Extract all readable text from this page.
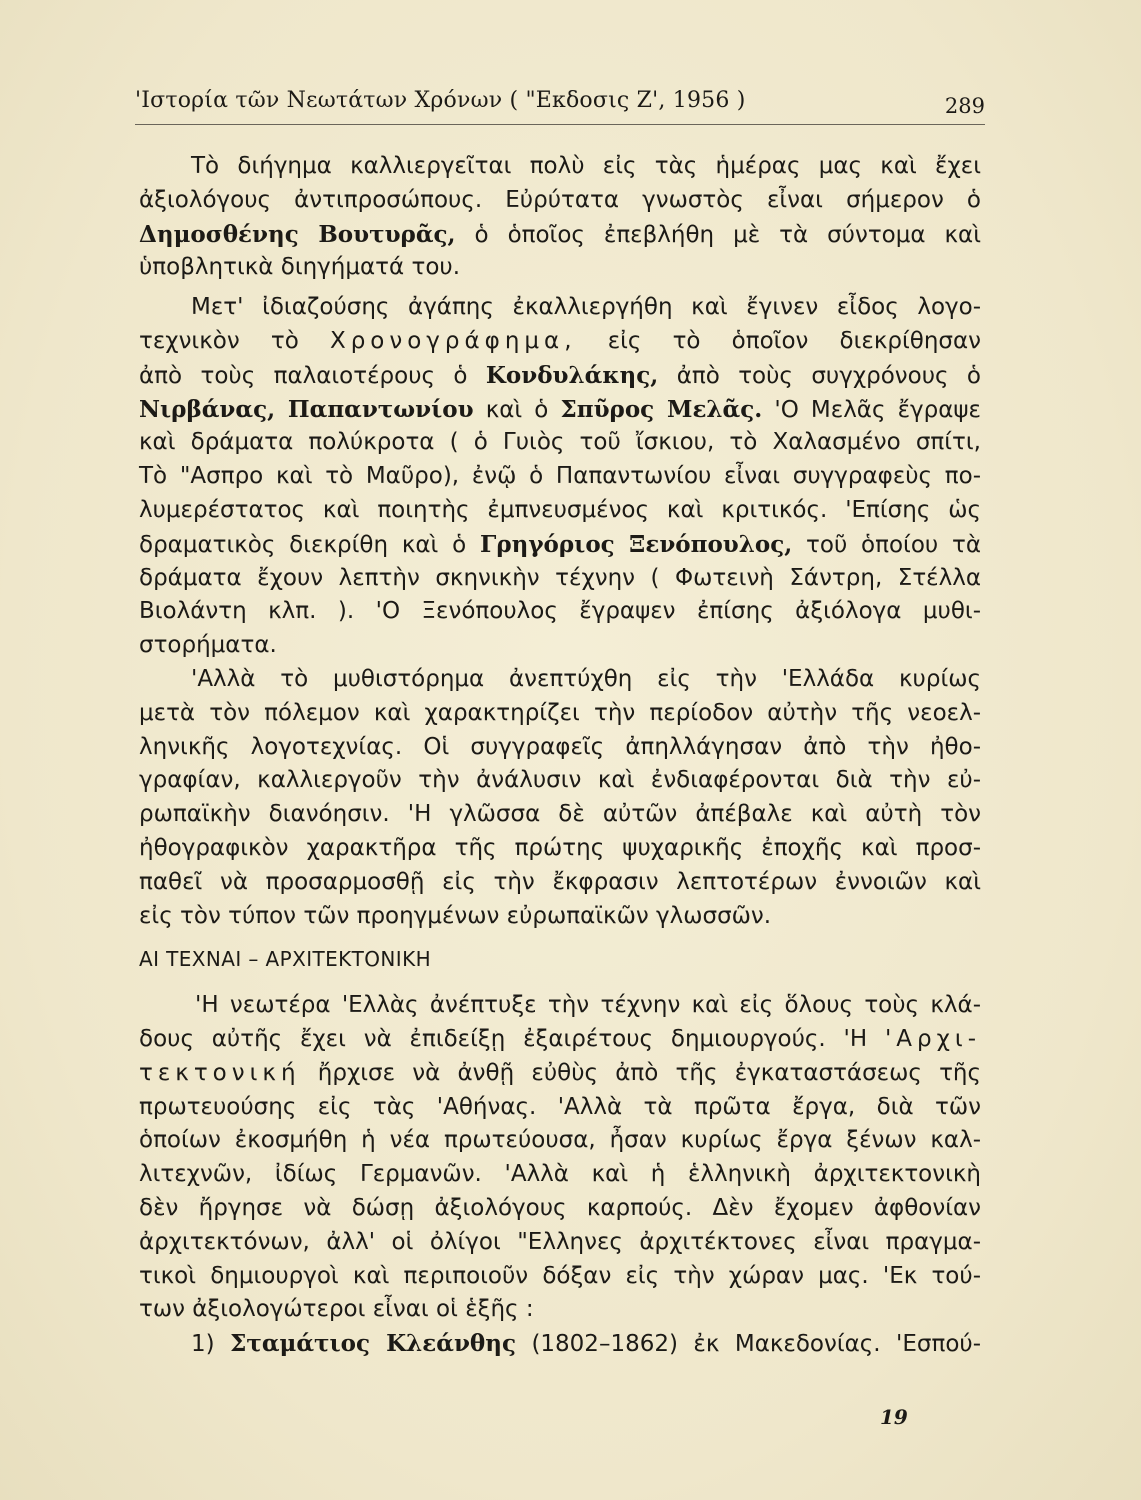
'Ιστορία τῶν Νεωτάτων Χρόνων ( "Εκδοσις Ζ', 1956 )	289
Τὸ διήγημα καλλιεργεῖται πολὺ εἰς τὰς ἡμέρας μας καὶ ἔχει
ἀξιολόγους ἀντιπροσώπους. Εὐρύτατα γνωστὸς εἶναι σήμερον ὁ
Δημοσθένης Βουτυρᾶς, ὁ ὁποῖος ἐπεβλήθη μὲ τὰ σύντομα καὶ
ὑποβλητικὰ διηγήματά του.
Μετ' ἰδιαζούσης ἀγάπης ἐκαλλιεργήθη καὶ ἔγινεν εἶδος λογο-
τεχνικὸν τὸ Χρονογράφημα, εἰς τὸ ὁποῖον διεκρίθησαν
ἀπὸ τοὺς παλαιοτέρους ὁ Κονδυλάκης, ἀπὸ τοὺς συγχρόνους ὁ
Νιρβάνας, Παπαντωνίου καὶ ὁ Σπῦρος Μελᾶς. 'Ο Μελᾶς ἔγραψε
καὶ δράματα πολύκροτα ( ὁ Γυιὸς τοῦ ἴσκιου, τὸ Χαλασμένο σπίτι,
Τὸ "Ασπρο καὶ τὸ Μαῦρο), ἐνῷ ὁ Παπαντωνίου εἶναι συγγραφεὺς πο-
λυμερέστατος καὶ ποιητὴς ἐμπνευσμένος καὶ κριτικός. 'Επίσης ὡς
δραματικὸς διεκρίθη καὶ ὁ Γρηγόριος Ξενόπουλος, τοῦ ὁποίου τὰ
δράματα ἔχουν λεπτὴν σκηνικὴν τέχνην ( Φωτεινὴ Σάντρη, Στέλλα
Βιολάντη κλπ. ). 'Ο Ξενόπουλος ἔγραψεν ἐπίσης ἀξιόλογα μυθι-
στορήματα.
'Αλλὰ τὸ μυθιστόρημα ἀνεπτύχθη εἰς τὴν 'Ελλάδα κυρίως
μετὰ τὸν πόλεμον καὶ χαρακτηρίζει τὴν περίοδον αὐτὴν τῆς νεοελ-
ληνικῆς λογοτεχνίας. Οἱ συγγραφεῖς ἀπηλλάγησαν ἀπὸ τὴν ἠθο-
γραφίαν, καλλιεργοῦν τὴν ἀνάλυσιν καὶ ἐνδιαφέρονται διὰ τὴν εὐ-
ρωπαϊκὴν διανόησιν. 'Η γλῶσσα δὲ αὐτῶν ἀπέβαλε καὶ αὐτὴ τὸν
ἠθογραφικὸν χαρακτῆρα τῆς πρώτης ψυχαρικῆς ἐποχῆς καὶ προσ-
παθεῖ νὰ προσαρμοσθῇ εἰς τὴν ἔκφρασιν λεπτοτέρων ἐννοιῶν καὶ
εἰς τὸν τύπον τῶν προηγμένων εὐρωπαϊκῶν γλωσσῶν.
ΑΙ ΤΕΧΝΑΙ – ΑΡΧΙΤΕΚΤΟΝΙΚΗ
'Η νεωτέρα 'Ελλὰς ἀνέπτυξε τὴν τέχνην καὶ εἰς ὅλους τοὺς κλά-
δους αὐτῆς ἔχει νὰ ἐπιδείξῃ ἐξαιρέτους δημιουργούς. 'Η 'Αρχι-
τεκτονική ἤρχισε νὰ ἀνθῇ εὐθὺς ἀπὸ τῆς ἐγκαταστάσεως τῆς
πρωτευούσης εἰς τὰς 'Αθήνας. 'Αλλὰ τὰ πρῶτα ἔργα, διὰ τῶν
ὁποίων ἐκοσμήθη ἡ νέα πρωτεύουσα, ἦσαν κυρίως ἔργα ξένων καλ-
λιτεχνῶν, ἰδίως Γερμανῶν. 'Αλλὰ καὶ ἡ ἑλληνικὴ ἀρχιτεκτονικὴ
δὲν ἤργησε νὰ δώσῃ ἀξιολόγους καρπούς. Δὲν ἔχομεν ἀφθονίαν
ἀρχιτεκτόνων, ἀλλ' οἱ ὀλίγοι "Ελληνες ἀρχιτέκτονες εἶναι πραγμα-
τικοὶ δημιουργοὶ καὶ περιποιοῦν δόξαν εἰς τὴν χώραν μας. 'Εκ τού-
των ἀξιολογώτεροι εἶναι οἱ ἑξῆς :
1) Σταμάτιος Κλεάνθης (1802–1862) ἐκ Μακεδονίας. 'Εσπού-
19
